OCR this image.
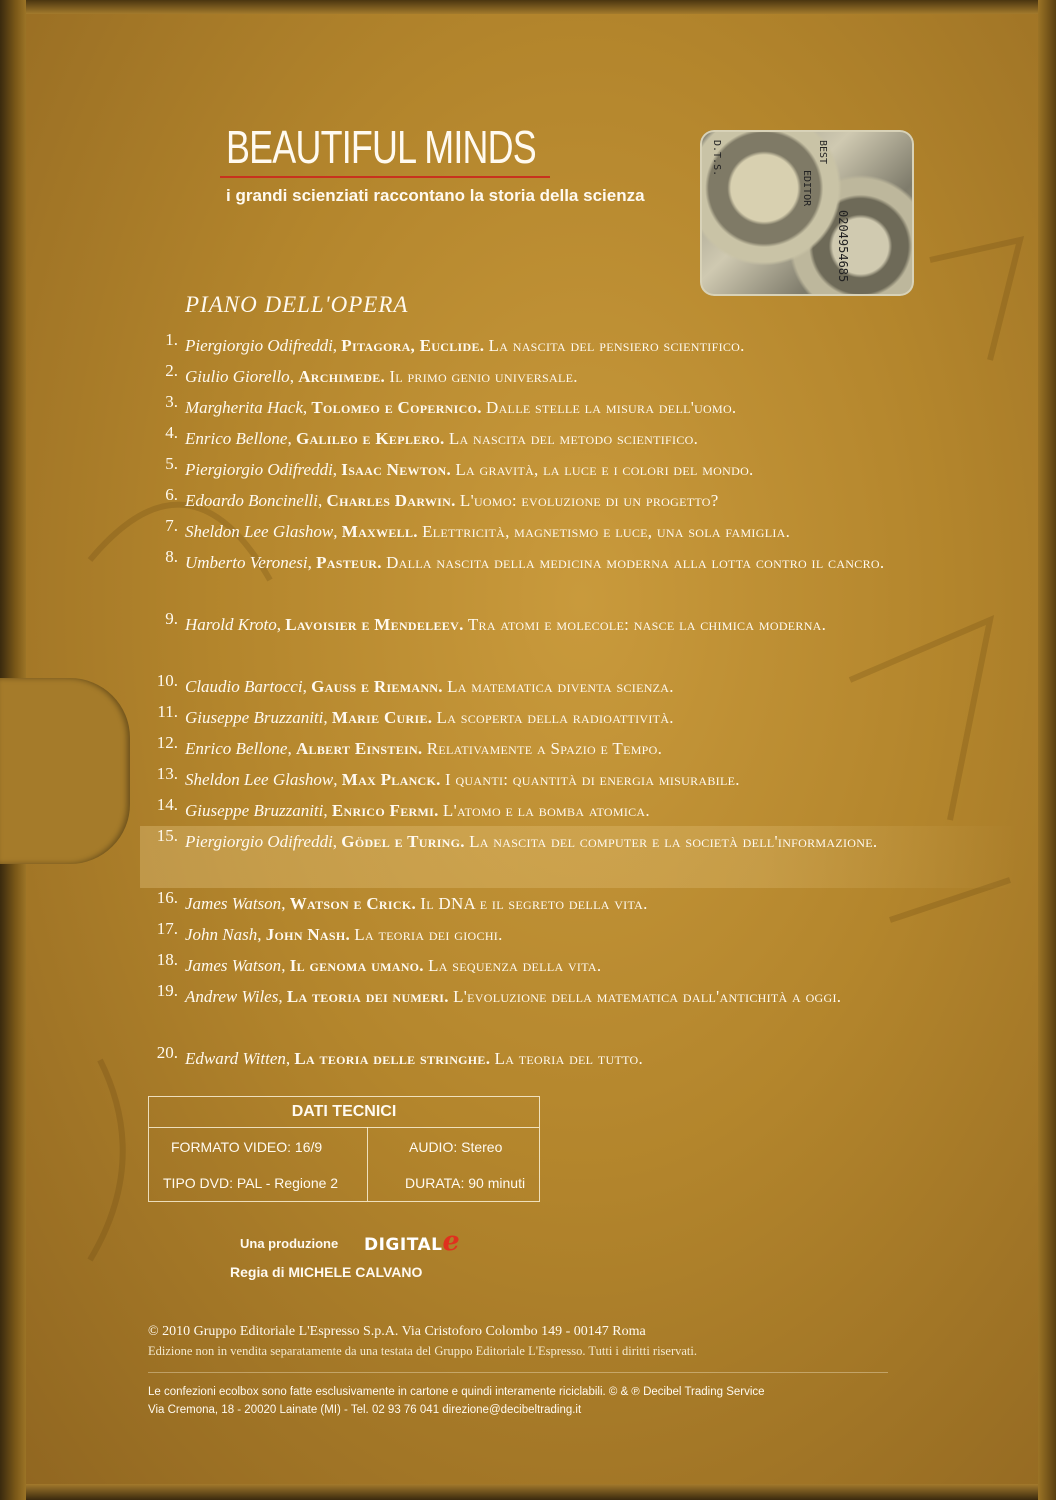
BEAUTIFUL MINDS
i grandi scienziati raccontano la storia della scienza
0204954685
BEST
EDITOR
D.T.S.
PIANO DELL'OPERA
1. Piergiorgio Odifreddi, Pitagora, Euclide. La nascita del pensiero scientifico.
2. Giulio Giorello, Archimede. Il primo genio universale.
3. Margherita Hack, Tolomeo e Copernico. Dalle stelle la misura dell'uomo.
4. Enrico Bellone, Galileo e Keplero. La nascita del metodo scientifico.
5. Piergiorgio Odifreddi, Isaac Newton. La gravità, la luce e i colori del mondo.
6. Edoardo Boncinelli, Charles Darwin. L'uomo: evoluzione di un progetto?
7. Sheldon Lee Glashow, Maxwell. Elettricità, magnetismo e luce, una sola famiglia.
8. Umberto Veronesi, Pasteur. Dalla nascita della medicina moderna alla lotta contro il cancro.
9. Harold Kroto, Lavoisier e Mendeleev. Tra atomi e molecole: nasce la chimica moderna.
10. Claudio Bartocci, Gauss e Riemann. La matematica diventa scienza.
11. Giuseppe Bruzzaniti, Marie Curie. La scoperta della radioattività.
12. Enrico Bellone, Albert Einstein. Relativamente a Spazio e Tempo.
13. Sheldon Lee Glashow, Max Planck. I quanti: quantità di energia misurabile.
14. Giuseppe Bruzzaniti, Enrico Fermi. L'atomo e la bomba atomica.
15. Piergiorgio Odifreddi, Gödel e Turing. La nascita del computer e la società dell'informazione.
16. James Watson, Watson e Crick. Il DNA e il segreto della vita.
17. John Nash, John Nash. La teoria dei giochi.
18. James Watson, Il genoma umano. La sequenza della vita.
19. Andrew Wiles, La teoria dei numeri. L'evoluzione della matematica dall'antichità a oggi.
20. Edward Witten, La teoria delle stringhe. La teoria del tutto.
DATI TECNICI
FORMATO VIDEO: 16/9	AUDIO: Stereo
TIPO DVD: PAL - Regione 2	DURATA: 90 minuti
Una produzione DIGITALe
Regia di MICHELE CALVANO
© 2010 Gruppo Editoriale L'Espresso S.p.A. Via Cristoforo Colombo 149 - 00147 Roma
Edizione non in vendita separatamente da una testata del Gruppo Editoriale L'Espresso. Tutti i diritti riservati.
Le confezioni ecolbox sono fatte esclusivamente in cartone e quindi interamente riciclabili. © & ℗ Decibel Trading Service
Via Cremona, 18 - 20020 Lainate (MI) - Tel. 02 93 76 041 direzione@decibeltrading.it
